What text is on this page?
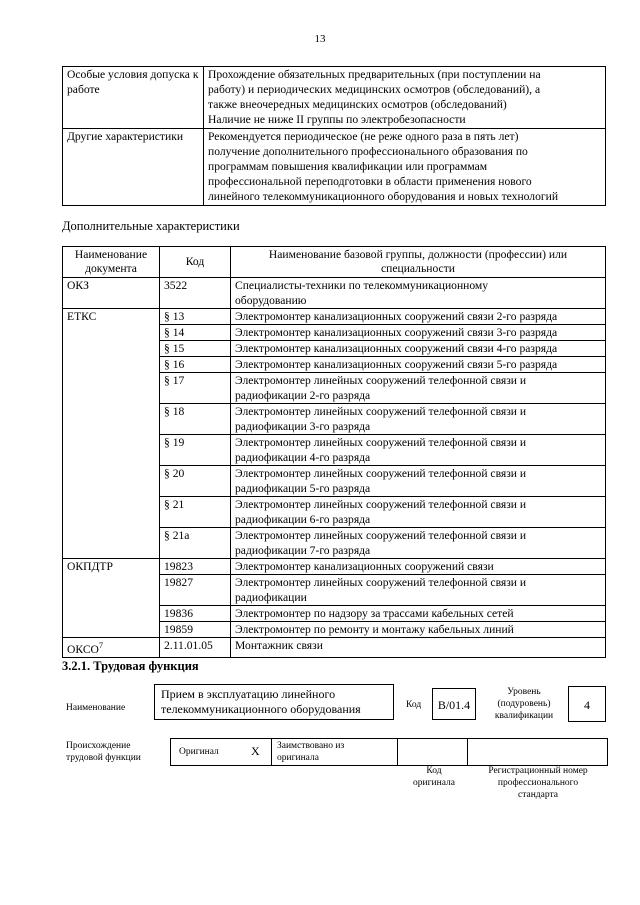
13
Особые условия допуска к работе	Прохождение обязательных предварительных (при поступлении на
работу) и периодических медицинских осмотров (обследований), а
также внеочередных медицинских осмотров (обследований)
Наличие не ниже II группы по электробезопасности

Другие характеристики	Рекомендуется периодическое (не реже одного раза в пять лет)
получение дополнительного профессионального образования по
программам повышения квалификации или программам
профессиональной переподготовки в области применения нового
линейного телекоммуникационного оборудования и новых технологий
Дополнительные характеристики
Наименование документа	Код	Наименование базовой группы, должности (профессии) или специальности
ОКЗ	3522	Специалисты-техники по телекоммуникационному
оборудованию

ЕТКС	§ 13	Электромонтер канализационных сооружений связи 2-го разряда

	§ 14	Электромонтер канализационных сооружений связи 3-го разряда

	§ 15	Электромонтер канализационных сооружений связи 4-го разряда

	§ 16	Электромонтер канализационных сооружений связи 5-го разряда

	§ 17	Электромонтер линейных сооружений телефонной связи и
радиофикации 2-го разряда

	§ 18	Электромонтер линейных сооружений телефонной связи и
радиофикации 3-го разряда

	§ 19	Электромонтер линейных сооружений телефонной связи и
радиофикации 4-го разряда

	§ 20	Электромонтер линейных сооружений телефонной связи и
радиофикации 5-го разряда

	§ 21	Электромонтер линейных сооружений телефонной связи и
радиофикации 6-го разряда

	§ 21а	Электромонтер линейных сооружений телефонной связи и
радиофикации 7-го разряда

ОКПДТР	19823	Электромонтер канализационных сооружений связи

	19827	Электромонтер линейных сооружений телефонной связи и
радиофикации

	19836	Электромонтер по надзору за трассами кабельных сетей

	19859	Электромонтер по ремонту и монтажу кабельных линий

ОКСО$^7$	2.11.01.05	Монтажник связи
3.2.1. Трудовая функция
Наименование
Прием в эксплуатацию линейного
телекоммуникационного оборудования	Код	B/01.4
Уровень
(подуровень)
квалификации
4
Происхождение
трудовой функции
Оригинал	X Заимствовано из
оригинала
Код
оригинала
Регистрационный номер
профессионального
стандарта
